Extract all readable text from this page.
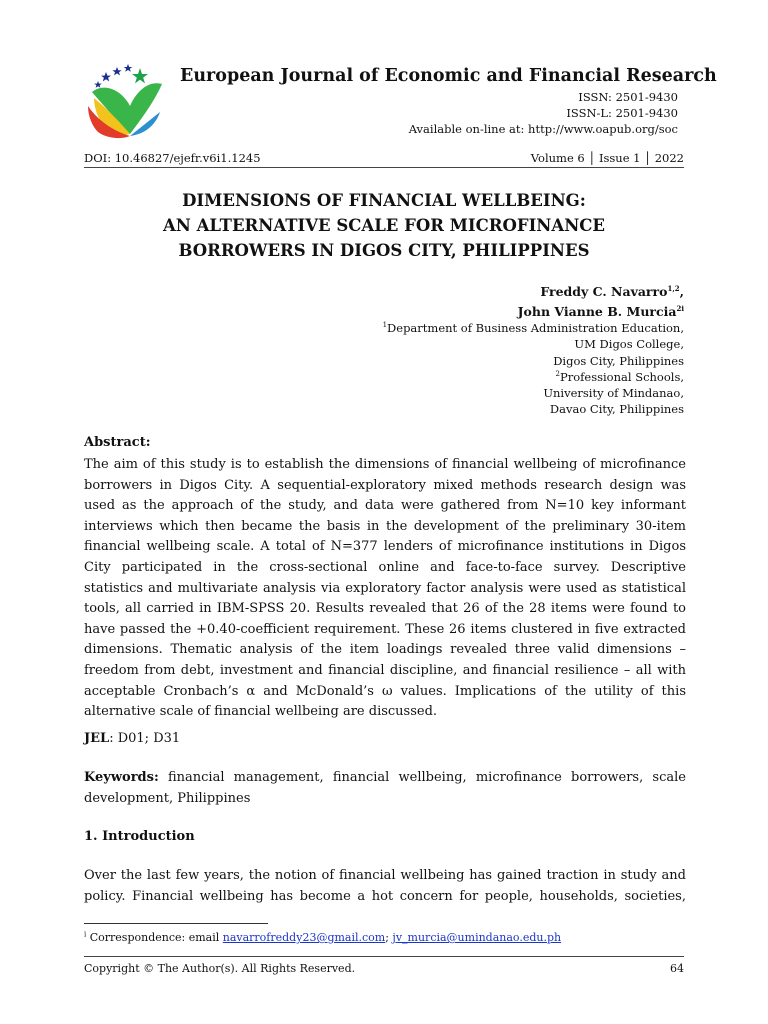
European Journal of Economic and Financial Research
ISSN: 2501-9430
ISSN-L: 2501-9430
Available on-line at: http://www.oapub.org/soc
DOI: 10.46827/ejefr.v6i1.1245	Volume 6 │ Issue 1 │ 2022
DIMENSIONS OF FINANCIAL WELLBEING:
AN ALTERNATIVE SCALE FOR MICROFINANCE
BORROWERS IN DIGOS CITY, PHILIPPINES
Freddy C. Navarro$^{1,2}$,
John Vianne B. Murcia$^{2i}$
$^1$Department of Business Administration Education,
UM Digos College,
Digos City, Philippines
$^2$Professional Schools,
University of Mindanao,
Davao City, Philippines
Abstract:
The aim of this study is to establish the dimensions of financial wellbeing of microfinance
borrowers in Digos City. A sequential-exploratory mixed methods research design was
used as the approach of the study, and data were gathered from N=10 key informant
interviews which then became the basis in the development of the preliminary 30-item
financial wellbeing scale. A total of N=377 lenders of microfinance institutions in Digos
City participated in the cross-sectional online and face-to-face survey. Descriptive
statistics and multivariate analysis via exploratory factor analysis were used as statistical
tools, all carried in IBM-SPSS 20. Results revealed that 26 of the 28 items were found to
have passed the +0.40-coefficient requirement. These 26 items clustered in five extracted
dimensions. Thematic analysis of the item loadings revealed three valid dimensions –
freedom from debt, investment and financial discipline, and financial resilience – all with
acceptable Cronbach’s α and McDonald’s ω values. Implications of the utility of this
alternative scale of financial wellbeing are discussed.
JEL: D01; D31
Keywords: financial management, financial wellbeing, microfinance borrowers, scale
development, Philippines
1. Introduction
Over the last few years, the notion of financial wellbeing has gained traction in study and
policy. Financial wellbeing has become a hot concern for people, households, societies,
$^i$ Correspondence: email navarrofreddy23@gmail.com; jv_murcia@umindanao.edu.ph
Copyright © The Author(s). All Rights Reserved.	64
